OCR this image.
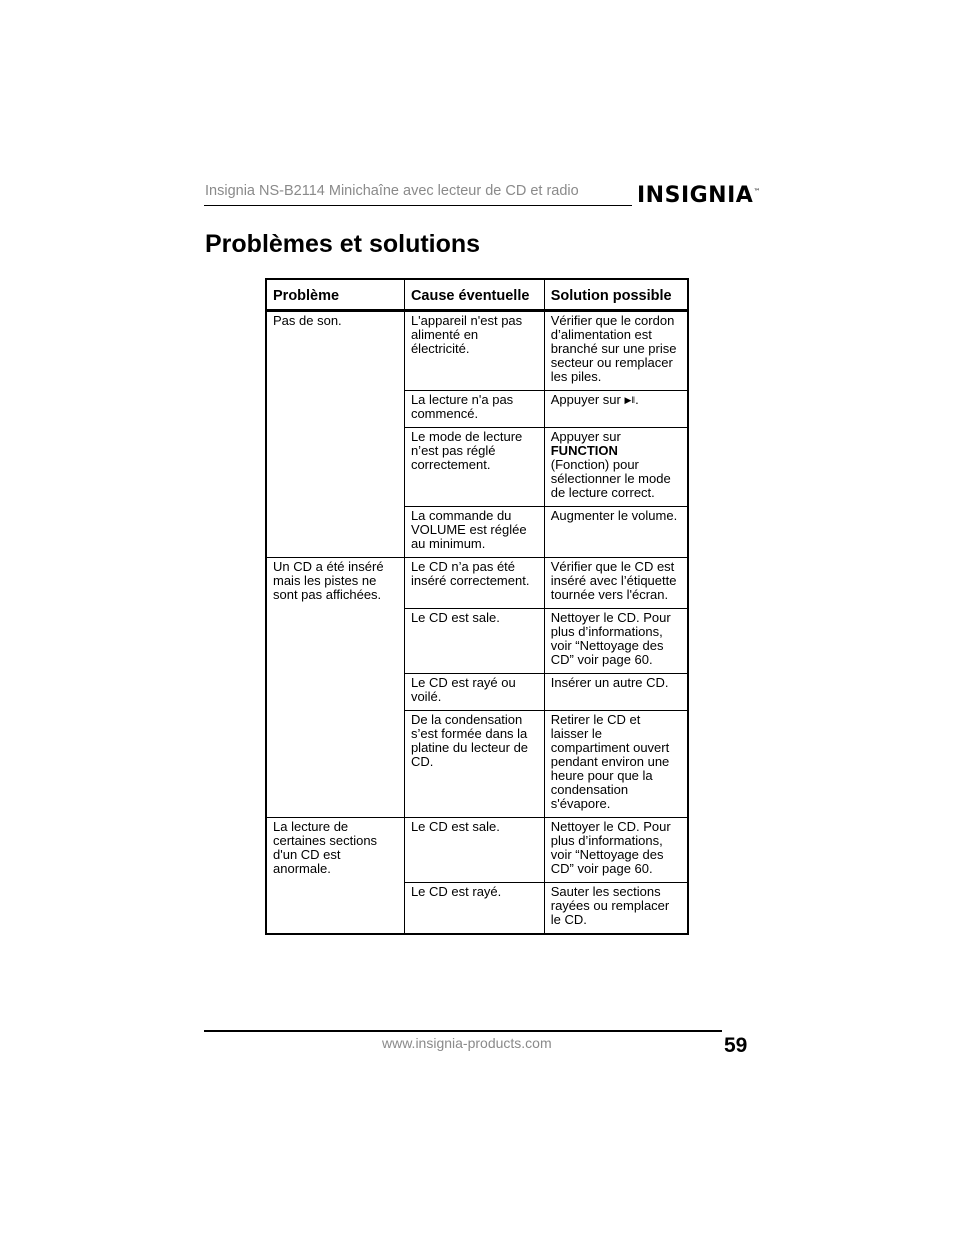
Insignia NS-B2114 Minichaîne avec lecteur de CD et radio	INSIGNIA™
Problèmes et solutions
Problème	Cause éventuelle	Solution possible
Pas de son.	L'appareil n'est pas alimenté en électricité.	Vérifier que le cordon d’alimentation est branché sur une prise secteur ou remplacer les piles.
	La lecture n'a pas commencé.	Appuyer sur ▶‖.
	Le mode de lecture n’est pas réglé correctement.	Appuyer sur
FUNCTION
(Fonction) pour sélectionner le mode de lecture correct.
	La commande du VOLUME est réglée au minimum.	Augmenter le volume.
Un CD a été inséré mais les pistes ne sont pas affichées.	Le CD n’a pas été inséré correctement.	Vérifier que le CD est inséré avec l’étiquette tournée vers l'écran.
	Le CD est sale.	Nettoyer le CD. Pour plus d’informations, voir “Nettoyage des CD” voir page 60.
	Le CD est rayé ou voilé.	Insérer un autre CD.
	De la condensation s’est formée dans la platine du lecteur de CD.	Retirer le CD et laisser le compartiment ouvert pendant environ une heure pour que la condensation s'évapore.
La lecture de certaines sections d'un CD est anormale.	Le CD est sale.	Nettoyer le CD. Pour plus d’informations, voir “Nettoyage des CD” voir page 60.
	Le CD est rayé.	Sauter les sections rayées ou remplacer le CD.
www.insignia-products.com	59
